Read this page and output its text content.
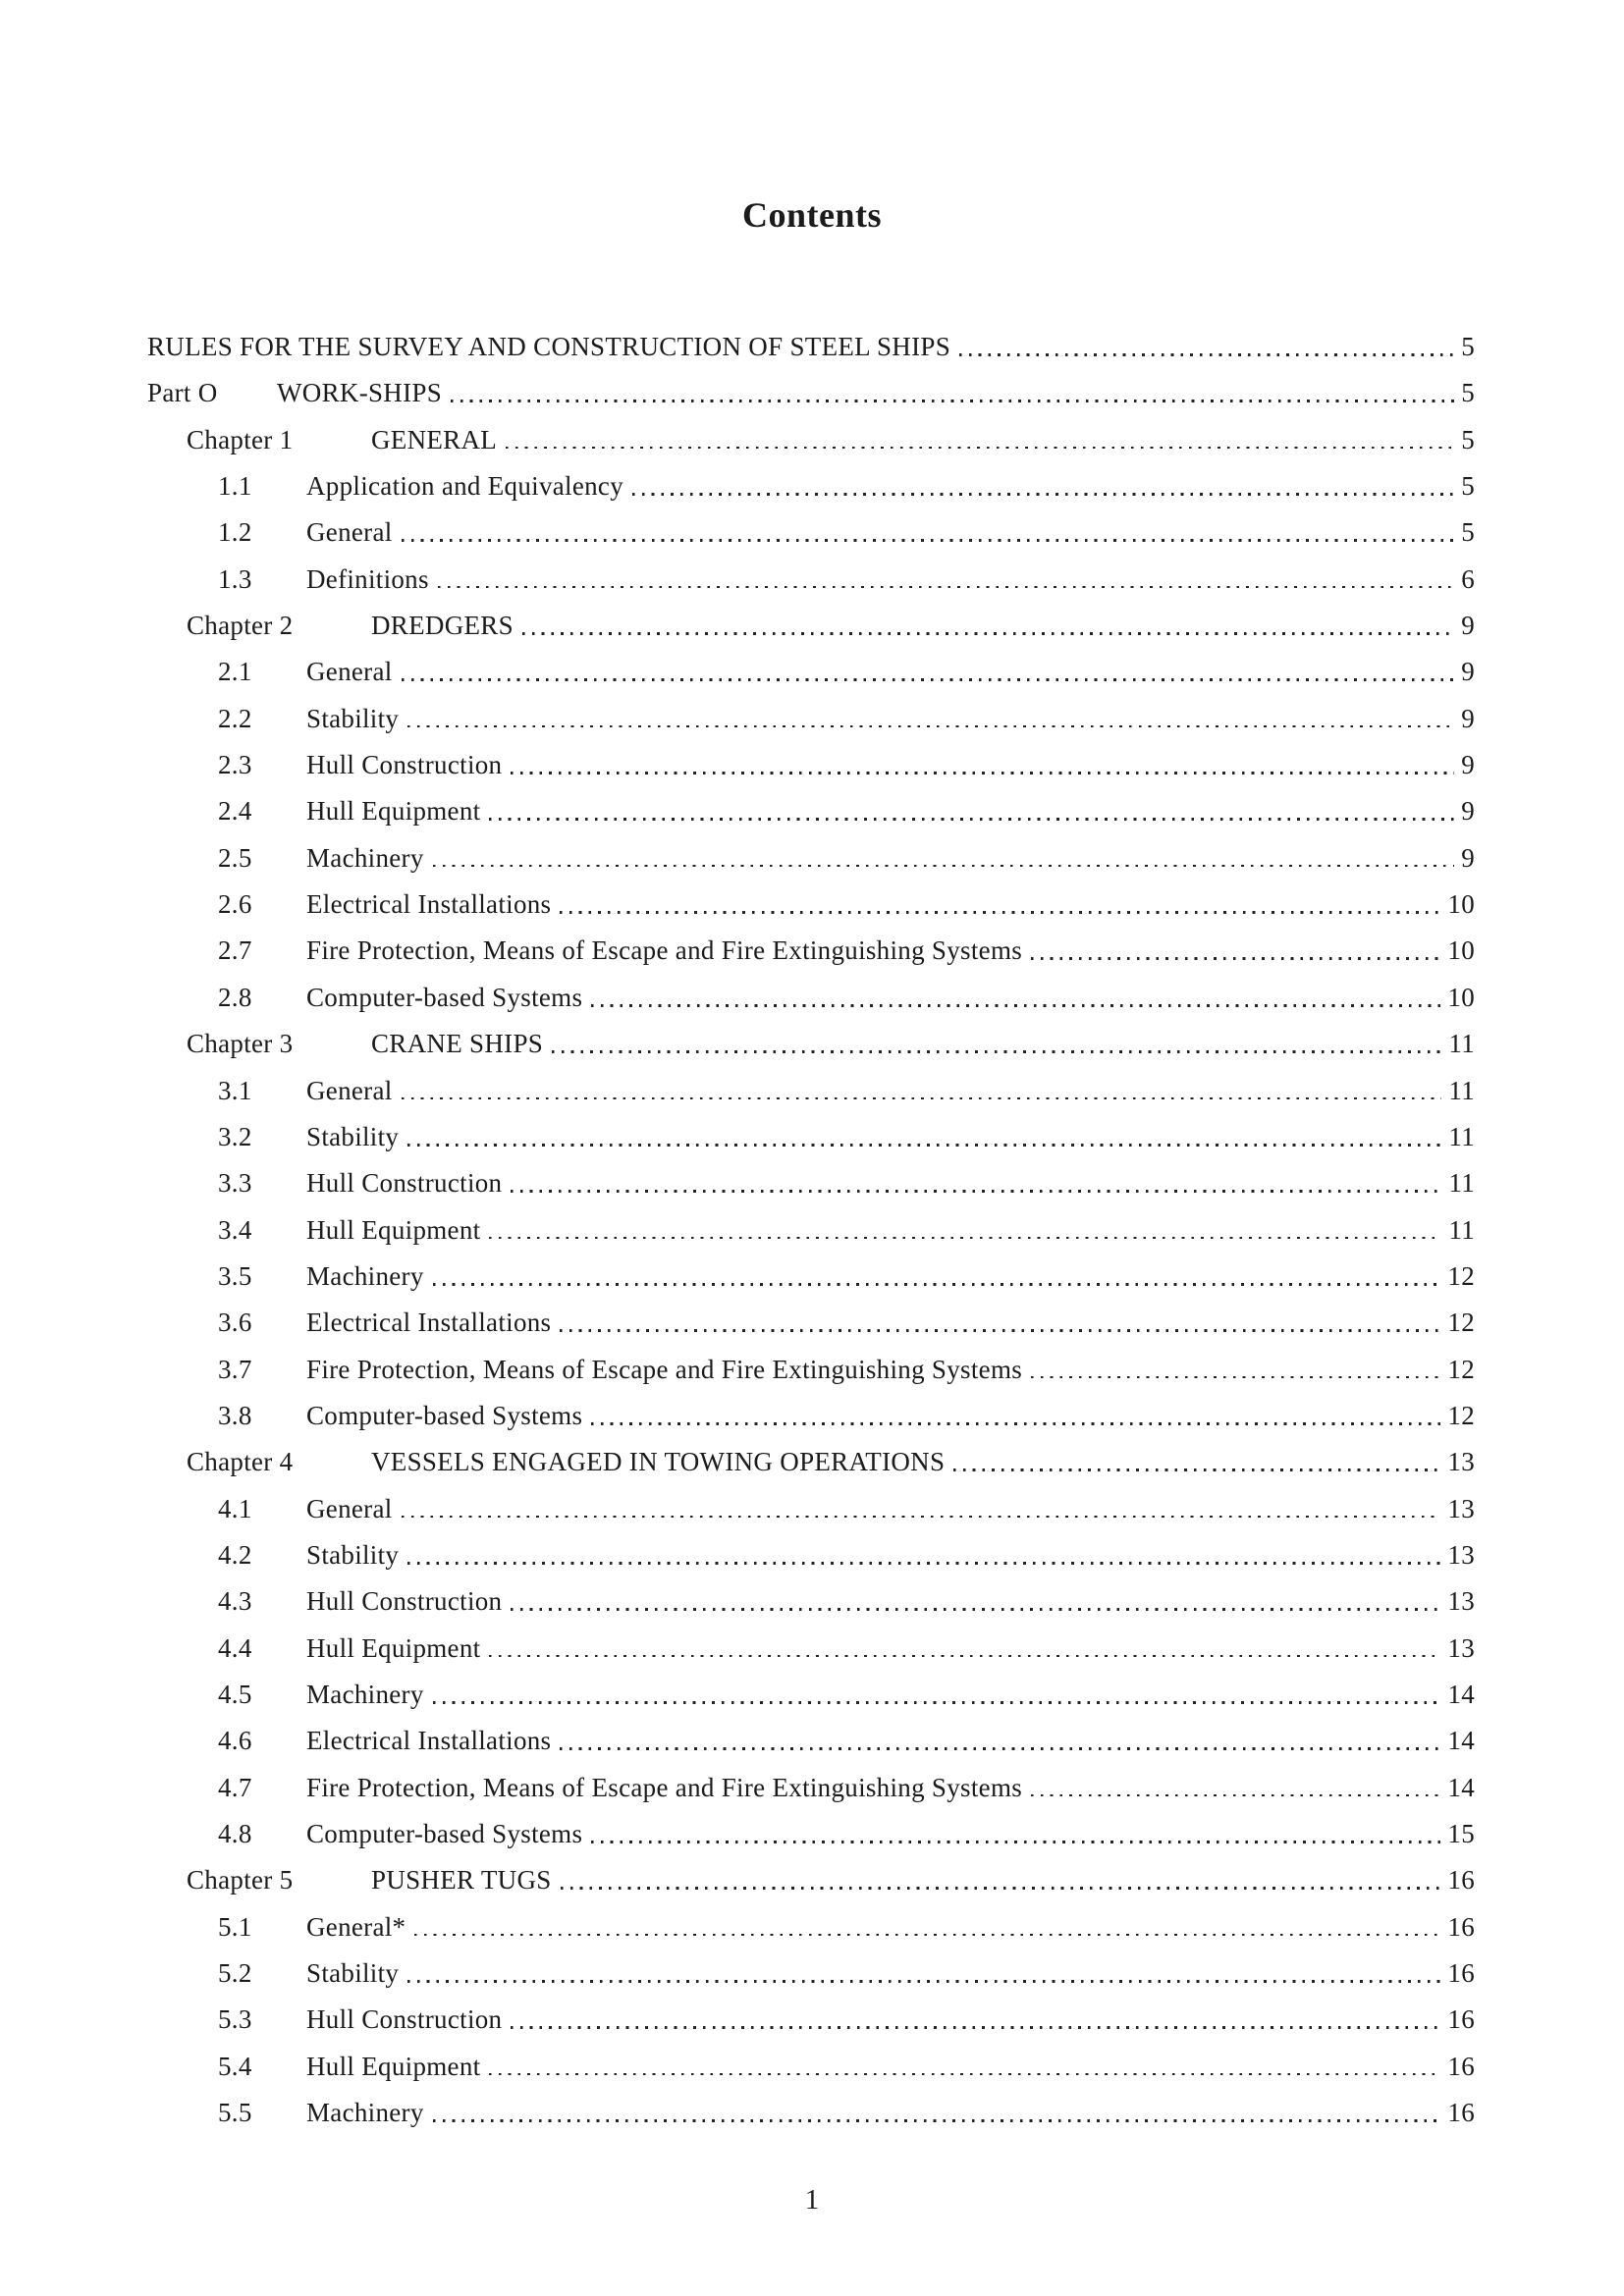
Contents
RULES FOR THE SURVEY AND CONSTRUCTION OF STEEL SHIPS	5
Part O	WORK-SHIPS	5
Chapter 1	GENERAL	5
1.1	Application and Equivalency	5
1.2	General	5
1.3	Definitions	6
Chapter 2	DREDGERS	9
2.1	General	9
2.2	Stability	9
2.3	Hull Construction	9
2.4	Hull Equipment	9
2.5	Machinery	9
2.6	Electrical Installations	10
2.7	Fire Protection, Means of Escape and Fire Extinguishing Systems	10
2.8	Computer-based Systems	10
Chapter 3	CRANE SHIPS	11
3.1	General	11
3.2	Stability	11
3.3	Hull Construction	11
3.4	Hull Equipment	11
3.5	Machinery	12
3.6	Electrical Installations	12
3.7	Fire Protection, Means of Escape and Fire Extinguishing Systems	12
3.8	Computer-based Systems	12
Chapter 4	VESSELS ENGAGED IN TOWING OPERATIONS	13
4.1	General	13
4.2	Stability	13
4.3	Hull Construction	13
4.4	Hull Equipment	13
4.5	Machinery	14
4.6	Electrical Installations	14
4.7	Fire Protection, Means of Escape and Fire Extinguishing Systems	14
4.8	Computer-based Systems	15
Chapter 5	PUSHER TUGS	16
5.1	General*	16
5.2	Stability	16
5.3	Hull Construction	16
5.4	Hull Equipment	16
5.5	Machinery	16
1
